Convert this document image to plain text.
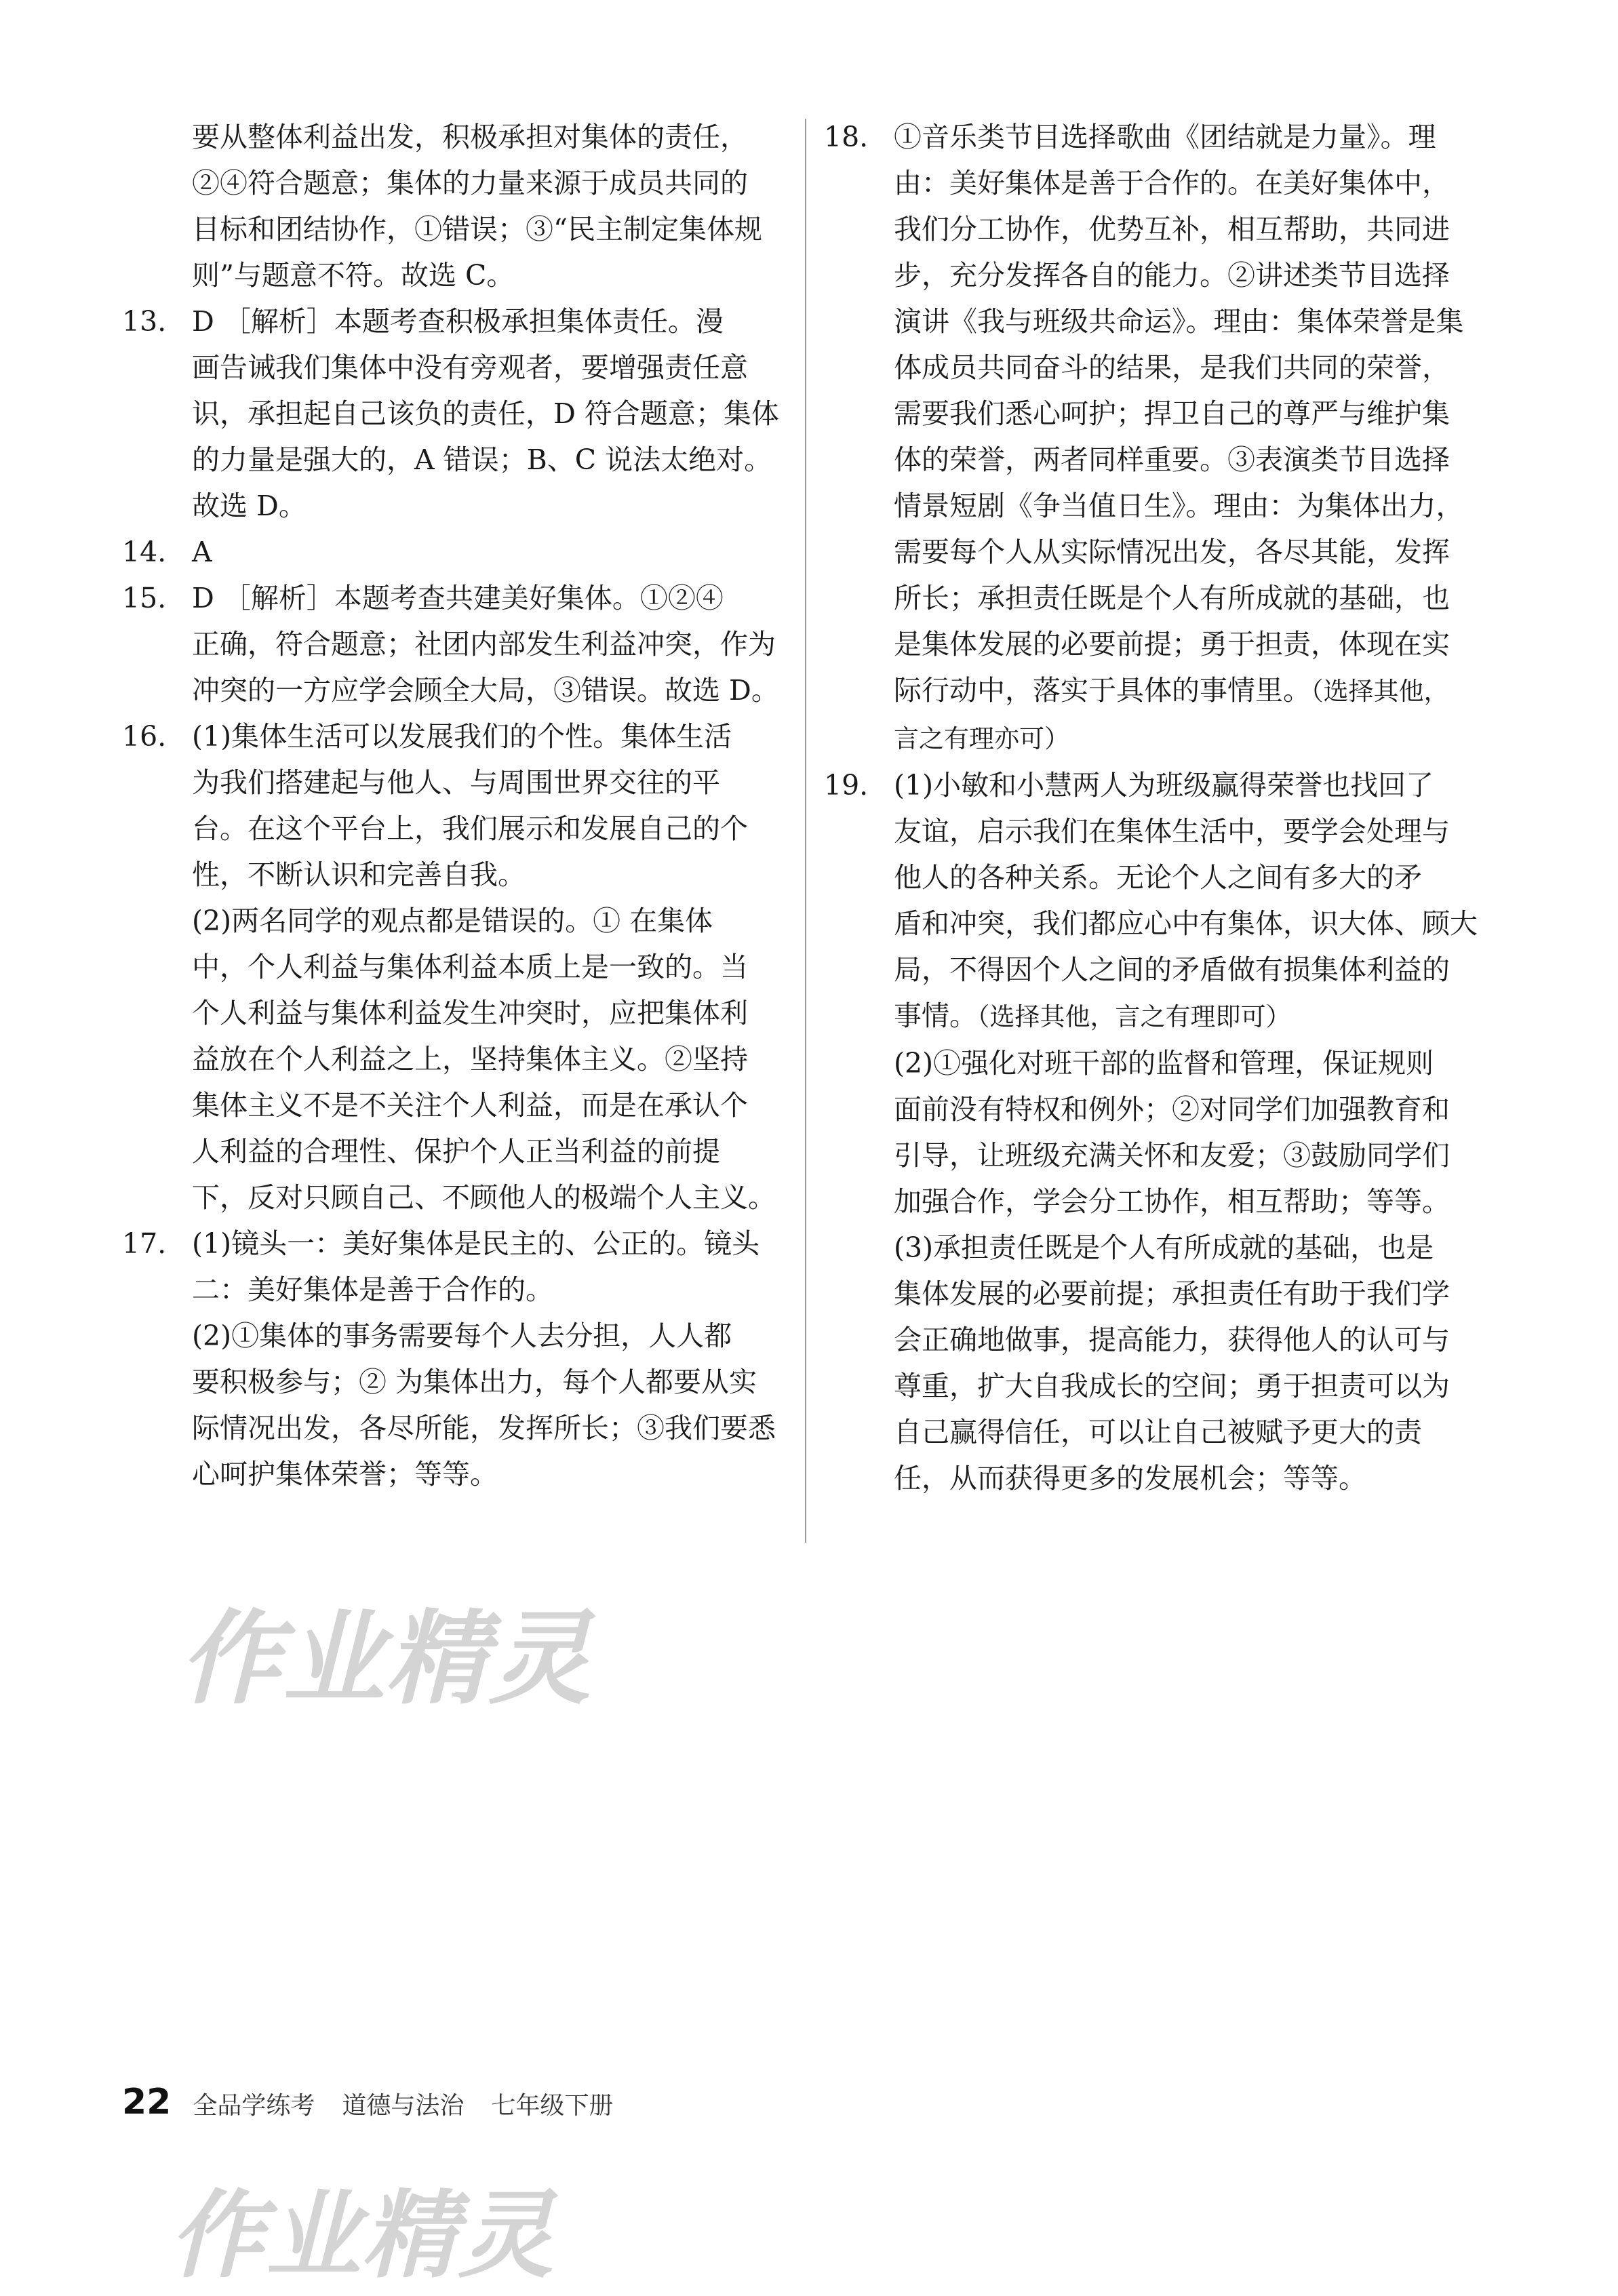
要从整体利益出发，积极承担对集体的责任，
②④符合题意；集体的力量来源于成员共同的
目标和团结协作，①错误；③“民主制定集体规
则”与题意不符。故选 C。
13. D ［解析］本题考查积极承担集体责任。漫
画告诫我们集体中没有旁观者，要增强责任意
识，承担起自己该负的责任，D 符合题意；集体
的力量是强大的，A 错误；B、C 说法太绝对。
故选 D。
14. A
15. D ［解析］本题考查共建美好集体。①②④
正确，符合题意；社团内部发生利益冲突，作为
冲突的一方应学会顾全大局，③错误。故选 D。
16. (1)集体生活可以发展我们的个性。集体生活
为我们搭建起与他人、与周围世界交往的平
台。在这个平台上，我们展示和发展自己的个
性，不断认识和完善自我。
(2)两名同学的观点都是错误的。① 在集体
中，个人利益与集体利益本质上是一致的。当
个人利益与集体利益发生冲突时，应把集体利
益放在个人利益之上，坚持集体主义。②坚持
集体主义不是不关注个人利益，而是在承认个
人利益的合理性、保护个人正当利益的前提
下，反对只顾自己、不顾他人的极端个人主义。
17. (1)镜头一：美好集体是民主的、公正的。镜头
二：美好集体是善于合作的。
(2)①集体的事务需要每个人去分担，人人都
要积极参与；② 为集体出力，每个人都要从实
际情况出发，各尽所能，发挥所长；③我们要悉
心呵护集体荣誉；等等。
18. ①音乐类节目选择歌曲《团结就是力量》。理
由：美好集体是善于合作的。在美好集体中，
我们分工协作，优势互补，相互帮助，共同进
步，充分发挥各自的能力。②讲述类节目选择
演讲《我与班级共命运》。理由：集体荣誉是集
体成员共同奋斗的结果，是我们共同的荣誉，
需要我们悉心呵护；捍卫自己的尊严与维护集
体的荣誉，两者同样重要。③表演类节目选择
情景短剧《争当值日生》。理由：为集体出力，
需要每个人从实际情况出发，各尽其能，发挥
所长；承担责任既是个人有所成就的基础，也
是集体发展的必要前提；勇于担责，体现在实
际行动中，落实于具体的事情里。（选择其他，
言之有理亦可）
19. (1)小敏和小慧两人为班级赢得荣誉也找回了
友谊，启示我们在集体生活中，要学会处理与
他人的各种关系。无论个人之间有多大的矛
盾和冲突，我们都应心中有集体，识大体、顾大
局，不得因个人之间的矛盾做有损集体利益的
事情。（选择其他，言之有理即可）
(2)①强化对班干部的监督和管理，保证规则
面前没有特权和例外；②对同学们加强教育和
引导，让班级充满关怀和友爱；③鼓励同学们
加强合作，学会分工协作，相互帮助；等等。
(3)承担责任既是个人有所成就的基础，也是
集体发展的必要前提；承担责任有助于我们学
会正确地做事，提高能力，获得他人的认可与
尊重，扩大自我成长的空间；勇于担责可以为
自己赢得信任，可以让自己被赋予更大的责
任，从而获得更多的发展机会；等等。
作业精灵
22 全品学练考 道德与法治 七年级下册
作业精灵
